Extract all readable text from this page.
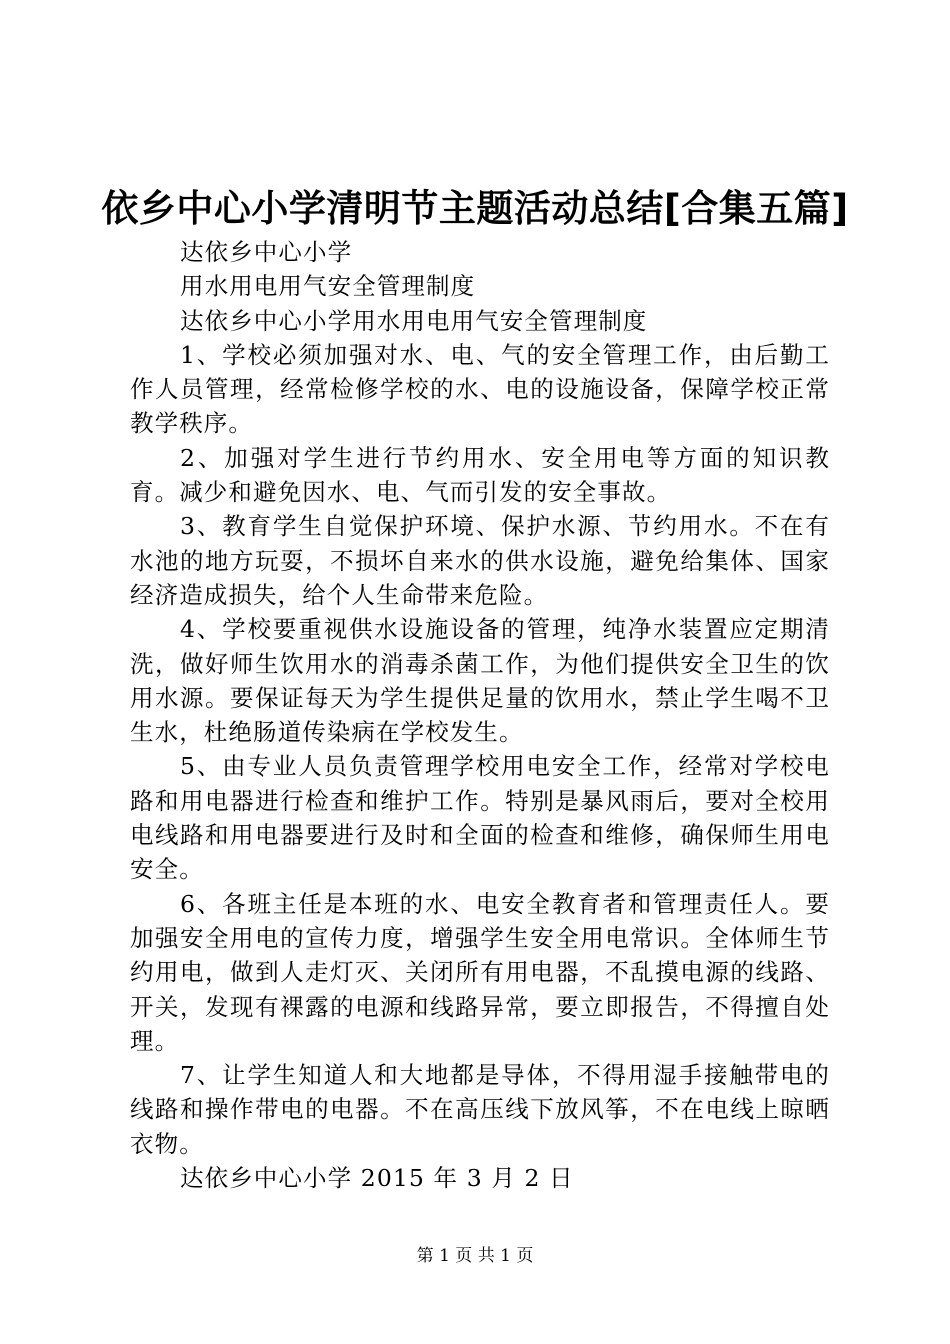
依乡中心小学清明节主题活动总结[合集五篇]

达依乡中心小学

用水用电用气安全管理制度

达依乡中心小学用水用电用气安全管理制度

1、学校必须加强对水、电、气的安全管理工作，由后勤工作人员管理，经常检修学校的水、电的设施设备，保障学校正常教学秩序。

2、加强对学生进行节约用水、安全用电等方面的知识教育。减少和避免因水、电、气而引发的安全事故。

3、教育学生自觉保护环境、保护水源、节约用水。不在有水池的地方玩耍，不损坏自来水的供水设施，避免给集体、国家经济造成损失，给个人生命带来危险。

4、学校要重视供水设施设备的管理，纯净水装置应定期清洗，做好师生饮用水的消毒杀菌工作，为他们提供安全卫生的饮用水源。要保证每天为学生提供足量的饮用水，禁止学生喝不卫生水，杜绝肠道传染病在学校发生。

5、由专业人员负责管理学校用电安全工作，经常对学校电路和用电器进行检查和维护工作。特别是暴风雨后，要对全校用电线路和用电器要进行及时和全面的检查和维修，确保师生用电安全。

6、各班主任是本班的水、电安全教育者和管理责任人。要加强安全用电的宣传力度，增强学生安全用电常识。全体师生节约用电，做到人走灯灭、关闭所有用电器，不乱摸电源的线路、开关，发现有裸露的电源和线路异常，要立即报告，不得擅自处理。

7、让学生知道人和大地都是导体，不得用湿手接触带电的线路和操作带电的电器。不在高压线下放风筝，不在电线上晾晒衣物。

达依乡中心小学 2015 年 3 月 2 日

第 1 页 共 1 页
